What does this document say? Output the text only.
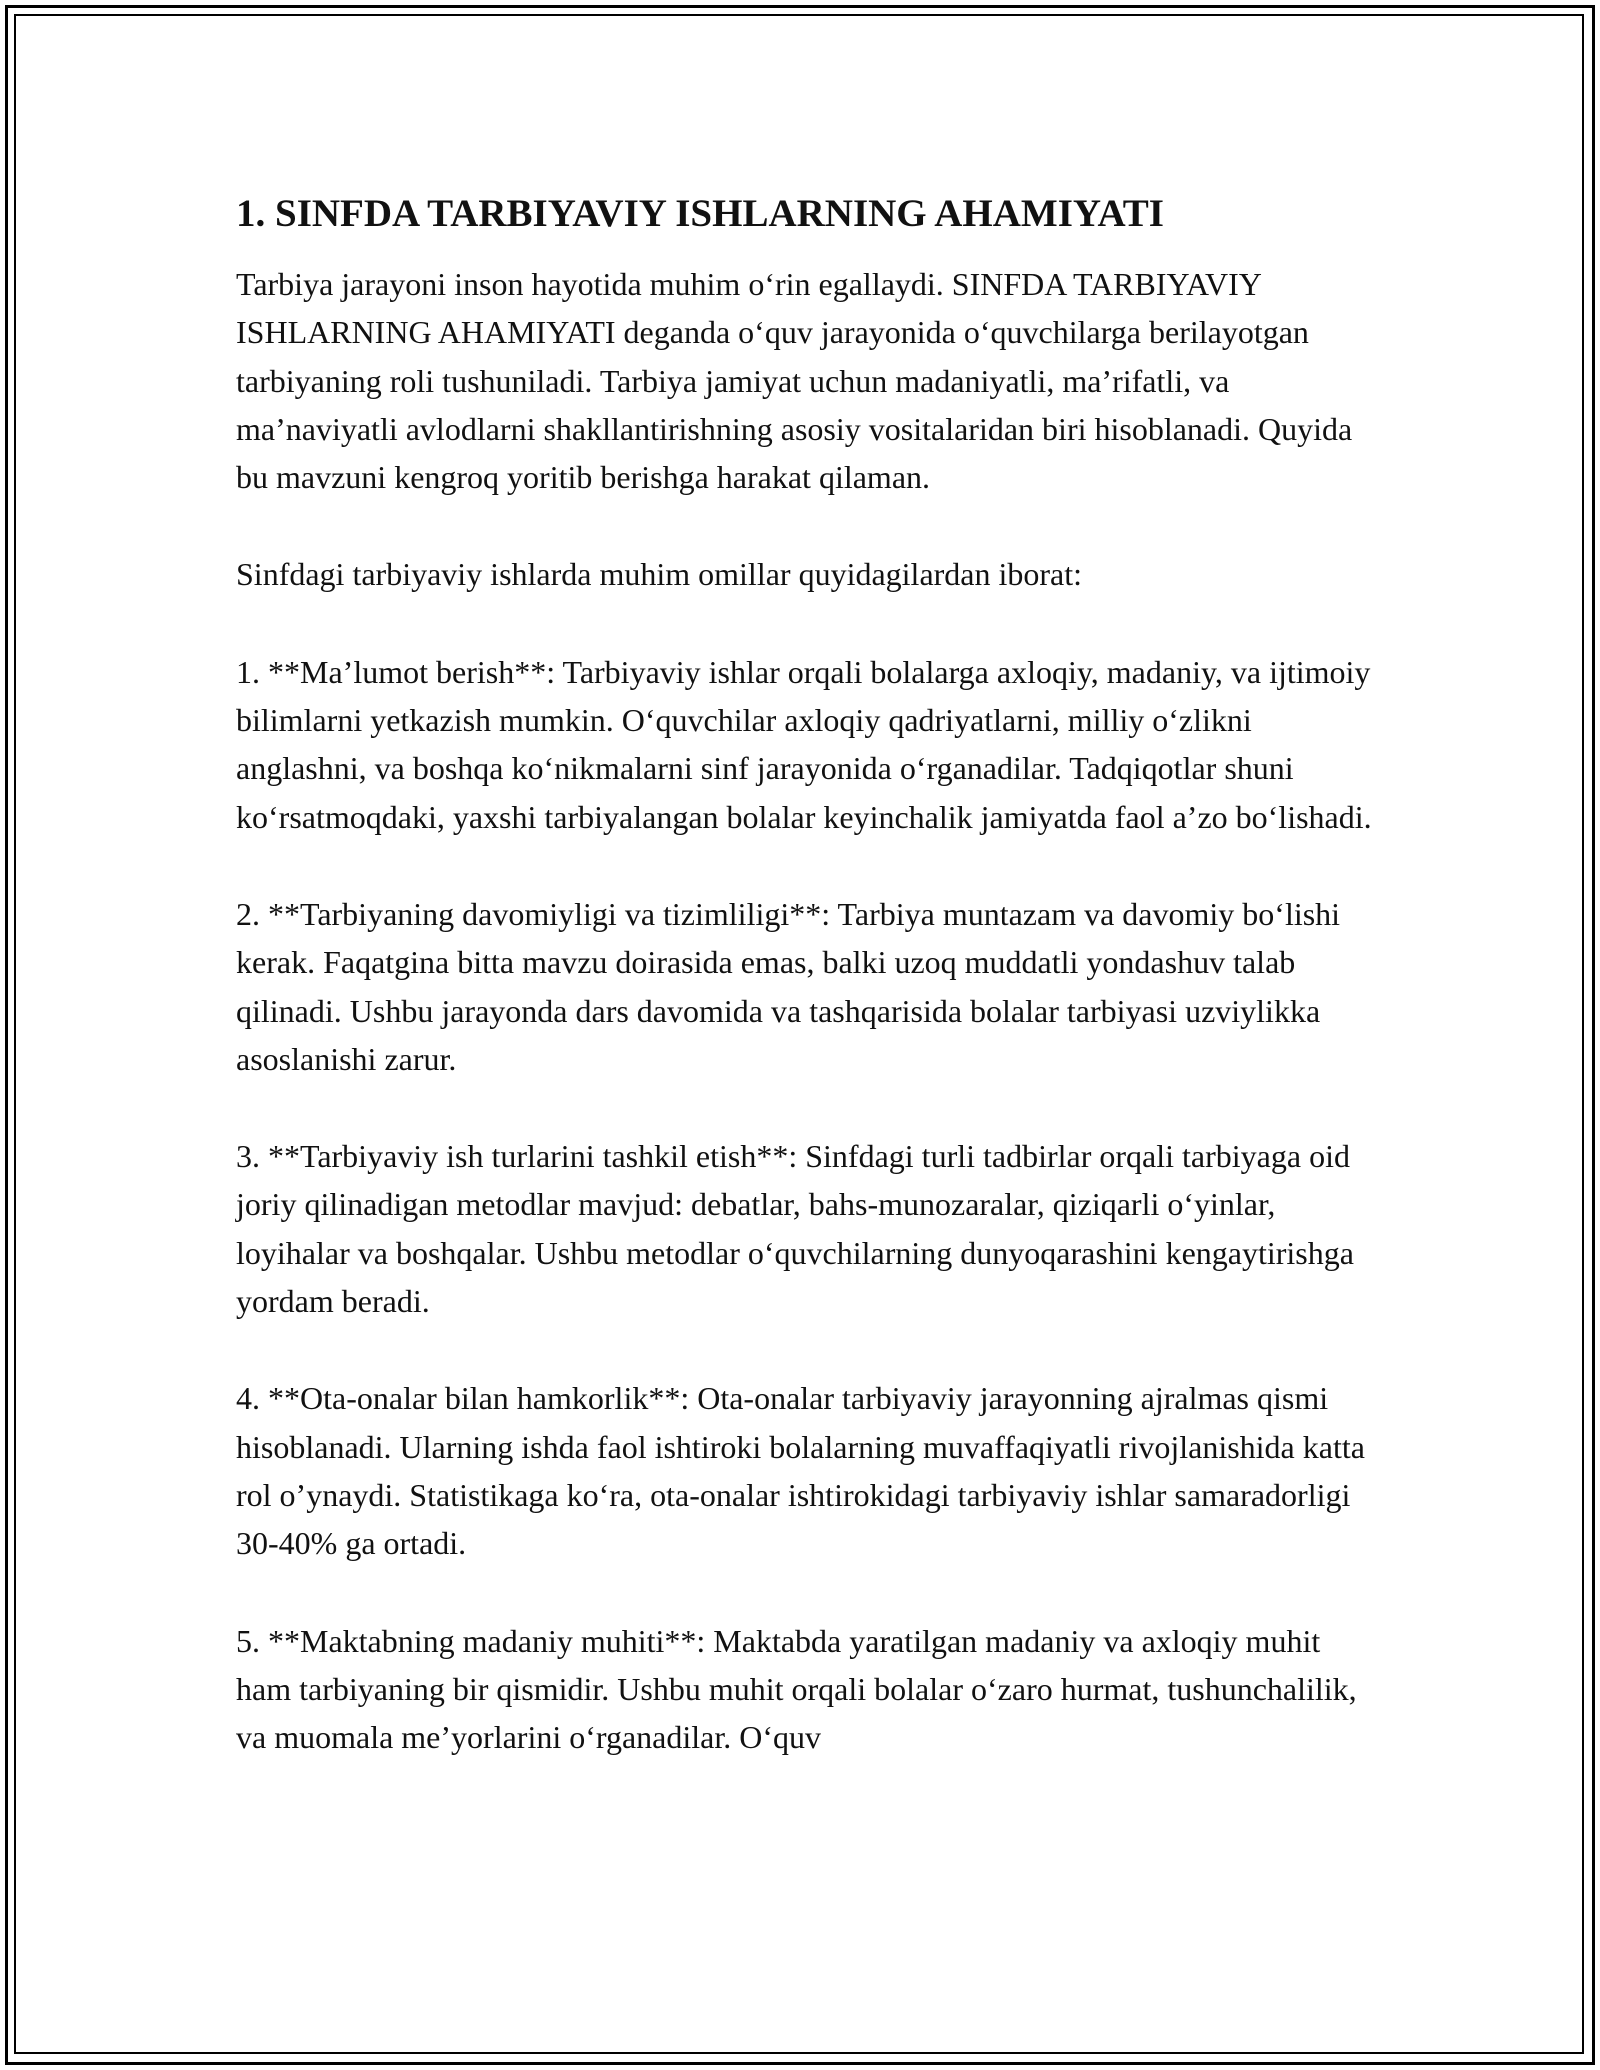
1. SINFDA TARBIYAVIY ISHLARNING AHAMIYATI

Tarbiya jarayoni inson hayotida muhim o‘rin egallaydi. SINFDA TARBIYAVIY ISHLARNING AHAMIYATI deganda o‘quv jarayonida o‘quvchilarga berilayotgan tarbiyaning roli tushuniladi. Tarbiya jamiyat uchun madaniyatli, ma’rifatli, va ma’naviyatli avlodlarni shakllantirishning asosiy vositalaridan biri hisoblanadi. Quyida bu mavzuni kengroq yoritib berishga harakat qilaman.

Sinfdagi tarbiyaviy ishlarda muhim omillar quyidagilardan iborat:

1. **Ma’lumot berish**: Tarbiyaviy ishlar orqali bolalarga axloqiy, madaniy, va ijtimoiy bilimlarni yetkazish mumkin. O‘quvchilar axloqiy qadriyatlarni, milliy o‘zlikni anglashni, va boshqa ko‘nikmalarni sinf jarayonida o‘rganadilar. Tadqiqotlar shuni ko‘rsatmoqdaki, yaxshi tarbiyalangan bolalar keyinchalik jamiyatda faol a’zo bo‘lishadi.

2. **Tarbiyaning davomiyligi va tizimliligi**: Tarbiya muntazam va davomiy bo‘lishi kerak. Faqatgina bitta mavzu doirasida emas, balki uzoq muddatli yondashuv talab qilinadi. Ushbu jarayonda dars davomida va tashqarisida bolalar tarbiyasi uzviylikka asoslanishi zarur.

3. **Tarbiyaviy ish turlarini tashkil etish**: Sinfdagi turli tadbirlar orqali tarbiyaga oid joriy qilinadigan metodlar mavjud: debatlar, bahs-munozaralar, qiziqarli o‘yinlar, loyihalar va boshqalar. Ushbu metodlar o‘quvchilarning dunyoqarashini kengaytirishga yordam beradi.

4. **Ota-onalar bilan hamkorlik**: Ota-onalar tarbiyaviy jarayonning ajralmas qismi hisoblanadi. Ularning ishda faol ishtiroki bolalarning muvaffaqiyatli rivojlanishida katta rol o’ynaydi. Statistikaga ko‘ra, ota-onalar ishtirokidagi tarbiyaviy ishlar samaradorligi 30-40% ga ortadi.

5. **Maktabning madaniy muhiti**: Maktabda yaratilgan madaniy va axloqiy muhit ham tarbiyaning bir qismidir. Ushbu muhit orqali bolalar o‘zaro hurmat, tushunchalilik, va muomala me’yorlarini o‘rganadilar. O‘quv
